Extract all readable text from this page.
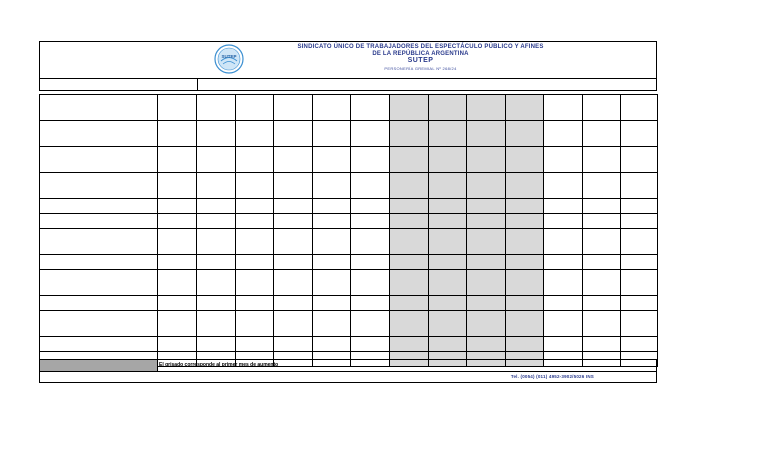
SUTEP
SINDICATO ÚNICO DE TRABAJADORES DEL ESPECTÁCULO PÚBLICO Y AFINES
DE LA REPÚBLICA ARGENTINA
SUTEP
PERSONERÍA GREMIAL Nº 268/24

El grisado corresponde al primer mes de aumento
Tel. (0054) (011) 4952-3902/5026 INS
